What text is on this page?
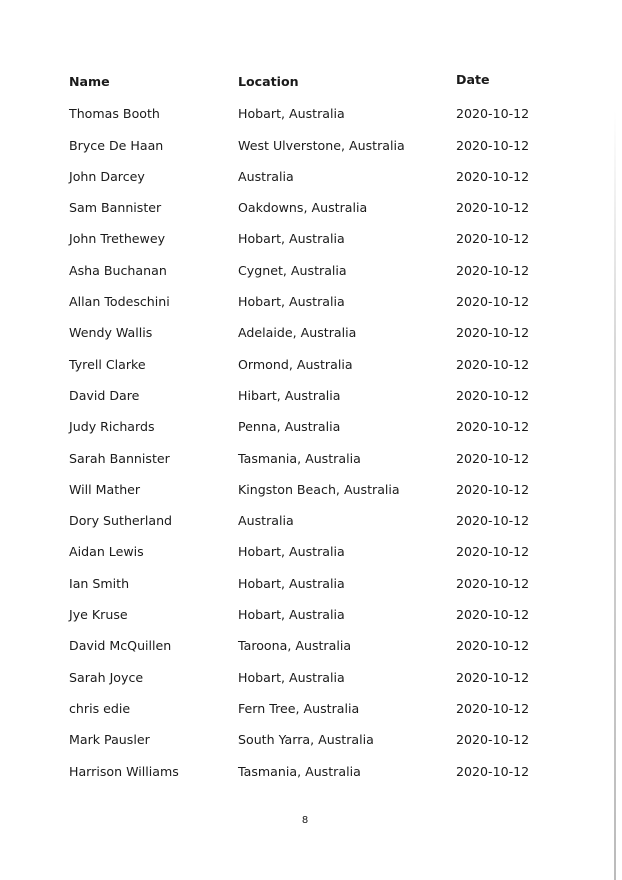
Name	Location	Date
Thomas Booth	Hobart, Australia	2020-10-12
Bryce De Haan	West Ulverstone, Australia	2020-10-12
John Darcey	Australia	2020-10-12
Sam Bannister	Oakdowns, Australia	2020-10-12
John Trethewey	Hobart, Australia	2020-10-12
Asha Buchanan	Cygnet, Australia	2020-10-12
Allan Todeschini	Hobart, Australia	2020-10-12
Wendy Wallis	Adelaide, Australia	2020-10-12
Tyrell Clarke	Ormond, Australia	2020-10-12
David Dare	Hibart, Australia	2020-10-12
Judy Richards	Penna, Australia	2020-10-12
Sarah Bannister	Tasmania, Australia	2020-10-12
Will Mather	Kingston Beach, Australia	2020-10-12
Dory Sutherland	Australia	2020-10-12
Aidan Lewis	Hobart, Australia	2020-10-12
Ian Smith	Hobart, Australia	2020-10-12
Jye Kruse	Hobart, Australia	2020-10-12
David McQuillen	Taroona, Australia	2020-10-12
Sarah Joyce	Hobart, Australia	2020-10-12
chris edie	Fern Tree, Australia	2020-10-12
Mark Pausler	South Yarra, Australia	2020-10-12
Harrison Williams	Tasmania, Australia	2020-10-12
8
